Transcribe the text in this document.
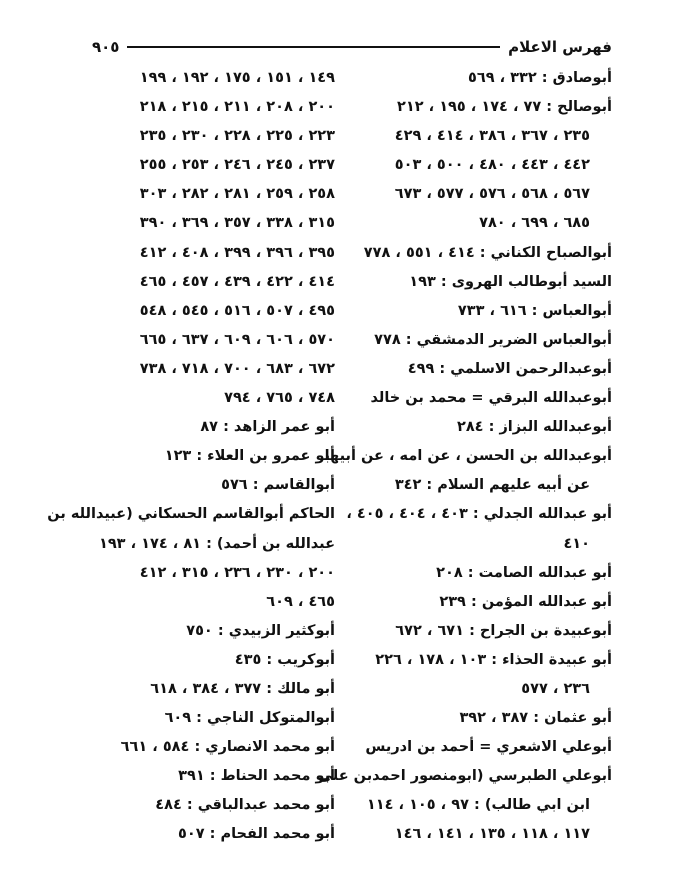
فهرس الاعلام
٩٠٥
أبوصادق : ٣٣٢ ، ٥٦٩
أبوصالح : ٧٧ ، ١٧٤ ، ١٩٥ ، ٢١٢
٢٣٥ ، ٣٦٧ ، ٣٨٦ ، ٤١٤ ، ٤٢٩
٤٤٢ ، ٤٤٣ ، ٤٨٠ ، ٥٠٠ ، ٥٠٣
٥٦٧ ، ٥٦٨ ، ٥٧٦ ، ٥٧٧ ، ٦٧٣
٦٨٥ ، ٦٩٩ ، ٧٨٠
أبوالصباح الكناني : ٤١٤ ، ٥٥١ ، ٧٧٨
السيد أبوطالب الهروى : ١٩٣
أبوالعباس : ٦١٦ ، ٧٣٣
أبوالعباس الضرير الدمشقي : ٧٧٨
أبوعبدالرحمن الاسلمي : ٤٩٩
أبوعبدالله البرقي = محمد بن خالد
أبوعبدالله البزاز : ٢٨٤
أبوعبدالله بن الحسن ، عن امه ، عن أبيها
عن أبيه عليهم السلام : ٣٤٢
أبو عبدالله الجدلي : ٤٠٣ ، ٤٠٤ ، ٤٠٥ ،
٤١٠
أبو عبدالله الصامت : ٢٠٨
أبو عبدالله المؤمن : ٢٣٩
أبوعبيدة بن الجراح : ٦٧١ ، ٦٧٢
أبو عبيدة الحذاء : ١٠٣ ، ١٧٨ ، ٢٢٦
٢٣٦ ، ٥٧٧
أبو عثمان : ٣٨٧ ، ٣٩٢
أبوعلي الاشعري = أحمد بن ادريس
أبوعلي الطبرسي (ابومنصور احمدبن على
ابن ابي طالب) : ٩٧ ، ١٠٥ ، ١١٤
١١٧ ، ١١٨ ، ١٣٥ ، ١٤١ ، ١٤٦
١٤٩ ، ١٥١ ، ١٧٥ ، ١٩٢ ، ١٩٩
٢٠٠ ، ٢٠٨ ، ٢١١ ، ٢١٥ ، ٢١٨
٢٢٣ ، ٢٢٥ ، ٢٢٨ ، ٢٣٠ ، ٢٣٥
٢٣٧ ، ٢٤٥ ، ٢٤٦ ، ٢٥٣ ، ٢٥٥
٢٥٨ ، ٢٥٩ ، ٢٨١ ، ٢٨٢ ، ٣٠٣
٣١٥ ، ٣٣٨ ، ٣٥٧ ، ٣٦٩ ، ٣٩٠
٣٩٥ ، ٣٩٦ ، ٣٩٩ ، ٤٠٨ ، ٤١٢
٤١٤ ، ٤٢٢ ، ٤٣٩ ، ٤٥٧ ، ٤٦٥
٤٩٥ ، ٥٠٧ ، ٥١٦ ، ٥٤٥ ، ٥٤٨
٥٧٠ ، ٦٠٦ ، ٦٠٩ ، ٦٣٧ ، ٦٦٥
٦٧٢ ، ٦٨٣ ، ٧٠٠ ، ٧١٨ ، ٧٣٨
٧٤٨ ، ٧٦٥ ، ٧٩٤
أبو عمر الزاهد : ٨٧
أبو عمرو بن العلاء : ١٢٣
أبوالقاسم : ٥٧٦
الحاكم أبوالقاسم الحسكاني (عبيدالله بن
عبدالله بن أحمد) : ٨١ ، ١٧٤ ، ١٩٣
٢٠٠ ، ٢٣٠ ، ٢٣٦ ، ٣١٥ ، ٤١٢
٤٦٥ ، ٦٠٩
أبوكثير الزبيدي : ٧٥٠
أبوكريب : ٤٣٥
أبو مالك : ٣٧٧ ، ٣٨٤ ، ٦١٨
أبوالمتوكل الناجي : ٦٠٩
أبو محمد الانصاري : ٥٨٤ ، ٦٦١
أبو محمد الحناط : ٣٩١
أبو محمد عبدالباقي : ٤٨٤
أبو محمد الفحام : ٥٠٧
